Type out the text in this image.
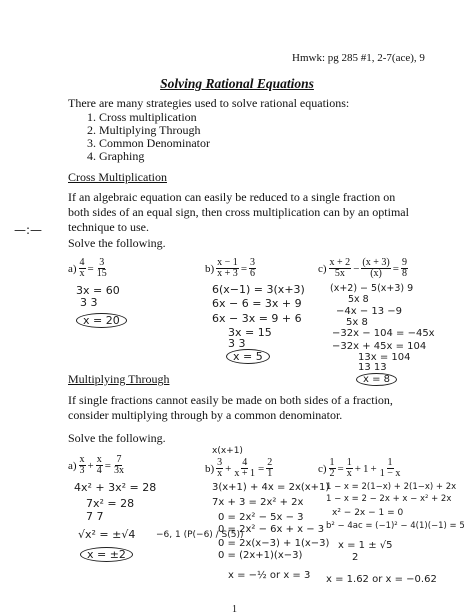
Hmwk: pg 285 #1, 2-7(ace), 9
Solving Rational Equations
There are many strategies used to solve rational equations:
1. Cross multiplication
2. Multiplying Through
3. Common Denominator
4. Graphing
Cross Multiplication
If an algebraic equation can easily be reduced to a single fraction on both sides of an equal sign, then cross multiplication can by an optimal technique to use.
—:—
Solve the following.
$a) \frac{4}{x} = \frac{3}{15}$
3x = 60
3 3
x = 20
$b) \frac{x - 1}{x + 3} = \frac{3}{6}$
6(x−1) = 3(x+3)
6x − 6 = 3x + 9
6x − 3x = 9 + 6
3x = 15
3 3
x = 5
$c) \frac{x + 2}{5x} - \frac{(x + 3)}{(x)} = \frac{9}{8}$
(x+2) − 5(x+3) 9
5x 8
−4x − 13 −9
5x 8
−32x − 104 = −45x
−32x + 45x = 104
13x = 104
13 13
x = 8
Multiplying Through
If single fractions cannot easily be made on both sides of a fraction, consider multiplying through by a common denominator.
Solve the following.
$a) \frac{x}{3} + \frac{x}{4} = \frac{7}{3x}$
4x² + 3x² = 28
7x² = 28
7 7
√x² = ±√4
x = ±2
x(x+1)
$b) \frac{3}{x} + \frac{4}{x + 1} = \frac{2}{1}$
3(x+1) + 4x = 2x(x+1)
7x + 3 = 2x² + 2x
0 = 2x² − 5x − 3
0 = 2x² − 6x + x − 3
0 = 2x(x−3) + 1(x−3)
0 = (2x+1)(x−3)
x = −½ or x = 3
−6, 1 (P(−6) / S(5))
$c) \frac{1}{2} = \frac{1}{x} + 1 + \frac{1}{1 - x}$
1 − x = 2(1−x) + 2(1−x) + 2x
1 − x = 2 − 2x + x − x² + 2x
x² − 2x − 1 = 0
b² − 4ac = (−1)² − 4(1)(−1) = 5
x = 1 ± √5
2
x = 1.62 or x = −0.62
1
